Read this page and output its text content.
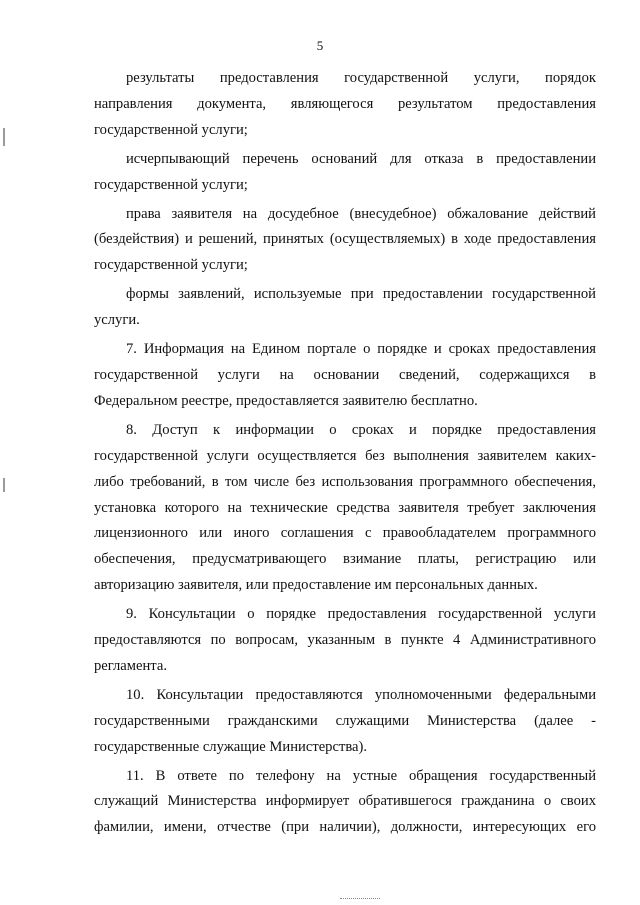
5

результаты предоставления государственной услуги, порядок
направления документа, являющегося результатом предоставления
государственной услуги;

исчерпывающий перечень оснований для отказа в предоставлении
государственной услуги;

права заявителя на досудебное (внесудебное) обжалование действий
(бездействия) и решений, принятых (осуществляемых) в ходе предоставления
государственной услуги;

формы заявлений, используемые при предоставлении государственной
услуги.

7. Информация на Едином портале о порядке и сроках предоставления
государственной услуги на основании сведений, содержащихся в
Федеральном реестре, предоставляется заявителю бесплатно.

8. Доступ к информации о сроках и порядке предоставления
государственной услуги осуществляется без выполнения заявителем каких-
либо требований, в том числе без использования программного обеспечения,
установка которого на технические средства заявителя требует заключения
лицензионного или иного соглашения с правообладателем программного
обеспечения, предусматривающего взимание платы, регистрацию или
авторизацию заявителя, или предоставление им персональных данных.

9. Консультации о порядке предоставления государственной услуги
предоставляются по вопросам, указанным в пункте 4 Административного
регламента.

10. Консультации предоставляются уполномоченными федеральными
государственными гражданскими служащими Министерства (далее -
государственные служащие Министерства).

11. В ответе по телефону на устные обращения государственный
служащий Министерства информирует обратившегося гражданина о своих
фамилии, имени, отчестве (при наличии), должности, интересующих его
